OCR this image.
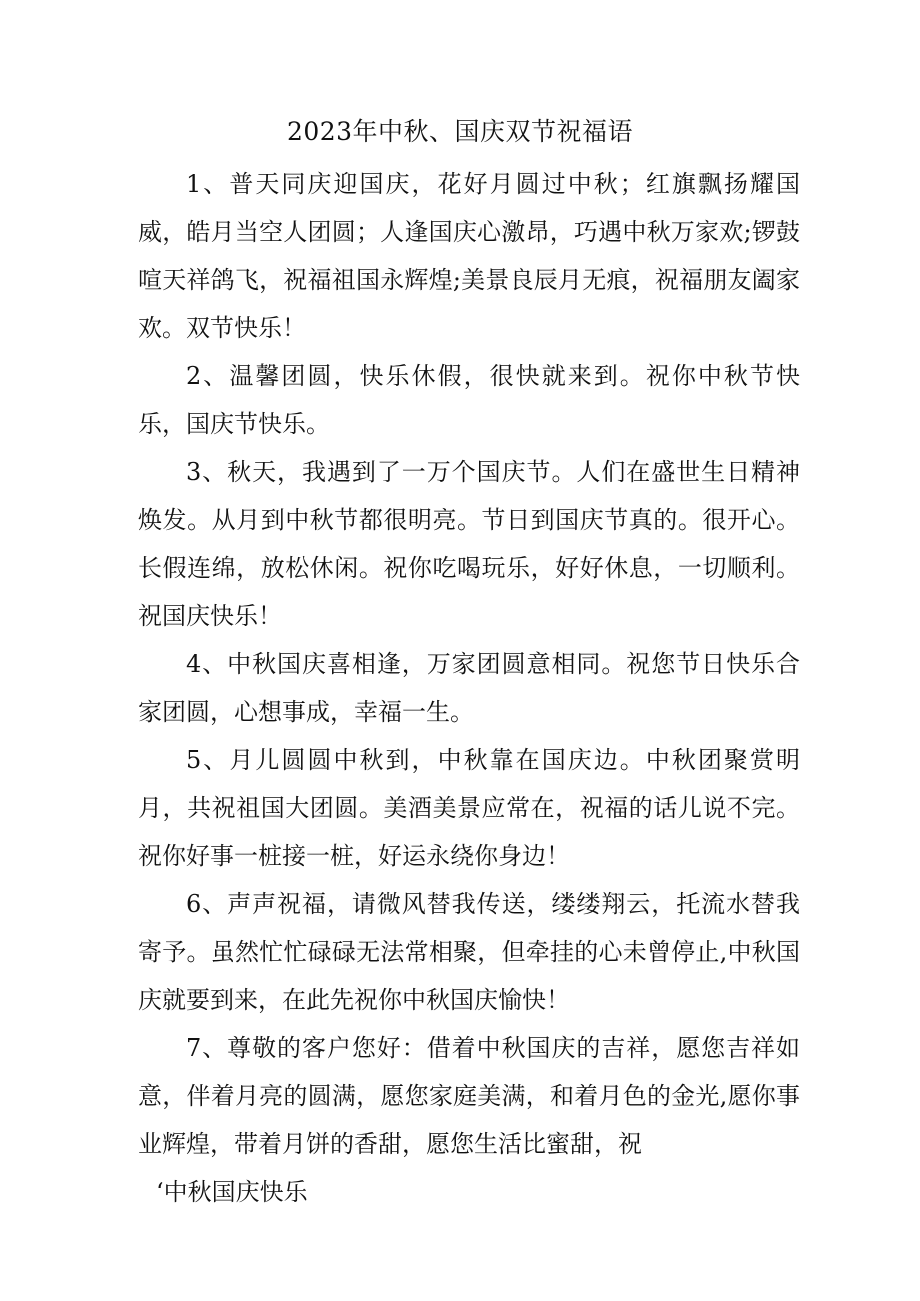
2023年中秋、国庆双节祝福语

1、普天同庆迎国庆，花好月圆过中秋；红旗飘扬耀国威，皓月当空人团圆；人逢国庆心激昂，巧遇中秋万家欢;锣鼓喧天祥鸽飞，祝福祖国永辉煌;美景良辰月无痕，祝福朋友阖家欢。双节快乐！

2、温馨团圆，快乐休假，很快就来到。祝你中秋节快乐，国庆节快乐。

3、秋天，我遇到了一万个国庆节。人们在盛世生日精神焕发。从月到中秋节都很明亮。节日到国庆节真的。很开心。长假连绵，放松休闲。祝你吃喝玩乐，好好休息，一切顺利。祝国庆快乐！

4、中秋国庆喜相逢，万家团圆意相同。祝您节日快乐合家团圆，心想事成，幸福一生。

5、月儿圆圆中秋到，中秋靠在国庆边。中秋团聚赏明月，共祝祖国大团圆。美酒美景应常在，祝福的话儿说不完。祝你好事一桩接一桩，好运永绕你身边！

6、声声祝福，请微风替我传送，缕缕翔云，托流水替我寄予。虽然忙忙碌碌无法常相聚，但牵挂的心未曾停止,中秋国庆就要到来，在此先祝你中秋国庆愉快！

7、尊敬的客户您好：借着中秋国庆的吉祥，愿您吉祥如意，伴着月亮的圆满，愿您家庭美满，和着月色的金光,愿你事业辉煌，带着月饼的香甜，愿您生活比蜜甜，祝

‘中秋国庆快乐
